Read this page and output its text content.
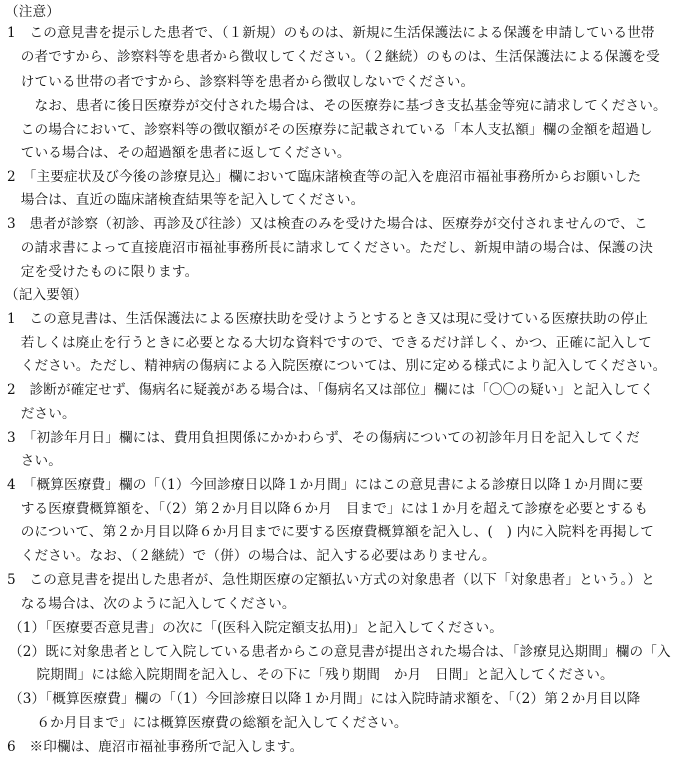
（注意）
1　この意見書を提示した患者で、（１新規）のものは、新規に生活保護法による保護を申請している世帯
　の者ですから、診察料等を患者から徴収してください。（２継続）のものは、生活保護法による保護を受
　けている世帯の者ですから、診察料等を患者から徴収しないでください。
　　なお、患者に後日医療券が交付された場合は、その医療券に基づき支払基金等宛に請求してください。
　この場合において、診察料等の徴収額がその医療券に記載されている「本人支払額」欄の金額を超過し
　ている場合は、その超過額を患者に返してください。
2　「主要症状及び今後の診療見込」欄において臨床諸検査等の記入を鹿沼市福祉事務所からお願いした
　場合は、直近の臨床諸検査結果等を記入してください。
3　患者が診察（初診、再診及び往診）又は検査のみを受けた場合は、医療券が交付されませんので、こ
　の請求書によって直接鹿沼市福祉事務所長に請求してください。ただし、新規申請の場合は、保護の決
　定を受けたものに限ります。
（記入要領）
1　この意見書は、生活保護法による医療扶助を受けようとするとき又は現に受けている医療扶助の停止
　若しくは廃止を行うときに必要となる大切な資料ですので、できるだけ詳しく、かつ、正確に記入して
　ください。ただし、精神病の傷病による入院医療については、別に定める様式により記入してください。
2　診断が確定せず、傷病名に疑義がある場合は、「傷病名又は部位」欄には「〇〇の疑い」と記入してく
　ださい。
3　「初診年月日」欄には、費用負担関係にかかわらず、その傷病についての初診年月日を記入してくだ
　さい。
4　「概算医療費」欄の「（1）今回診療日以降１か月間」にはこの意見書による診療日以降１か月間に要
　する医療費概算額を、「（2）第２か月目以降６か月　目まで」には１か月を超えて診療を必要とするも
　のについて、第２か月目以降６か月目までに要する医療費概算額を記入し、(　) 内に入院料を再掲して
　ください。なお、（２継続）で（併）の場合は、記入する必要はありません。
5　この意見書を提出した患者が、急性期医療の定額払い方式の対象患者（以下「対象患者」という。）と
　なる場合は、次のように記入してください。
（1）「医療要否意見書」の次に「(医科入院定額支払用)」と記入してください。
（2）既に対象患者として入院している患者からこの意見書が提出された場合は、「診療見込期間」欄の「入
　　院期間」には総入院期間を記入し、その下に「残り期間　か月　日間」と記入してください。
（3）「概算医療費」欄の「（1）今回診療日以降１か月間」には入院時請求額を、「（2）第２か月目以降
　　６か月目まで」には概算医療費の総額を記入してください。
6　※印欄は、鹿沼市福祉事務所で記入します。
